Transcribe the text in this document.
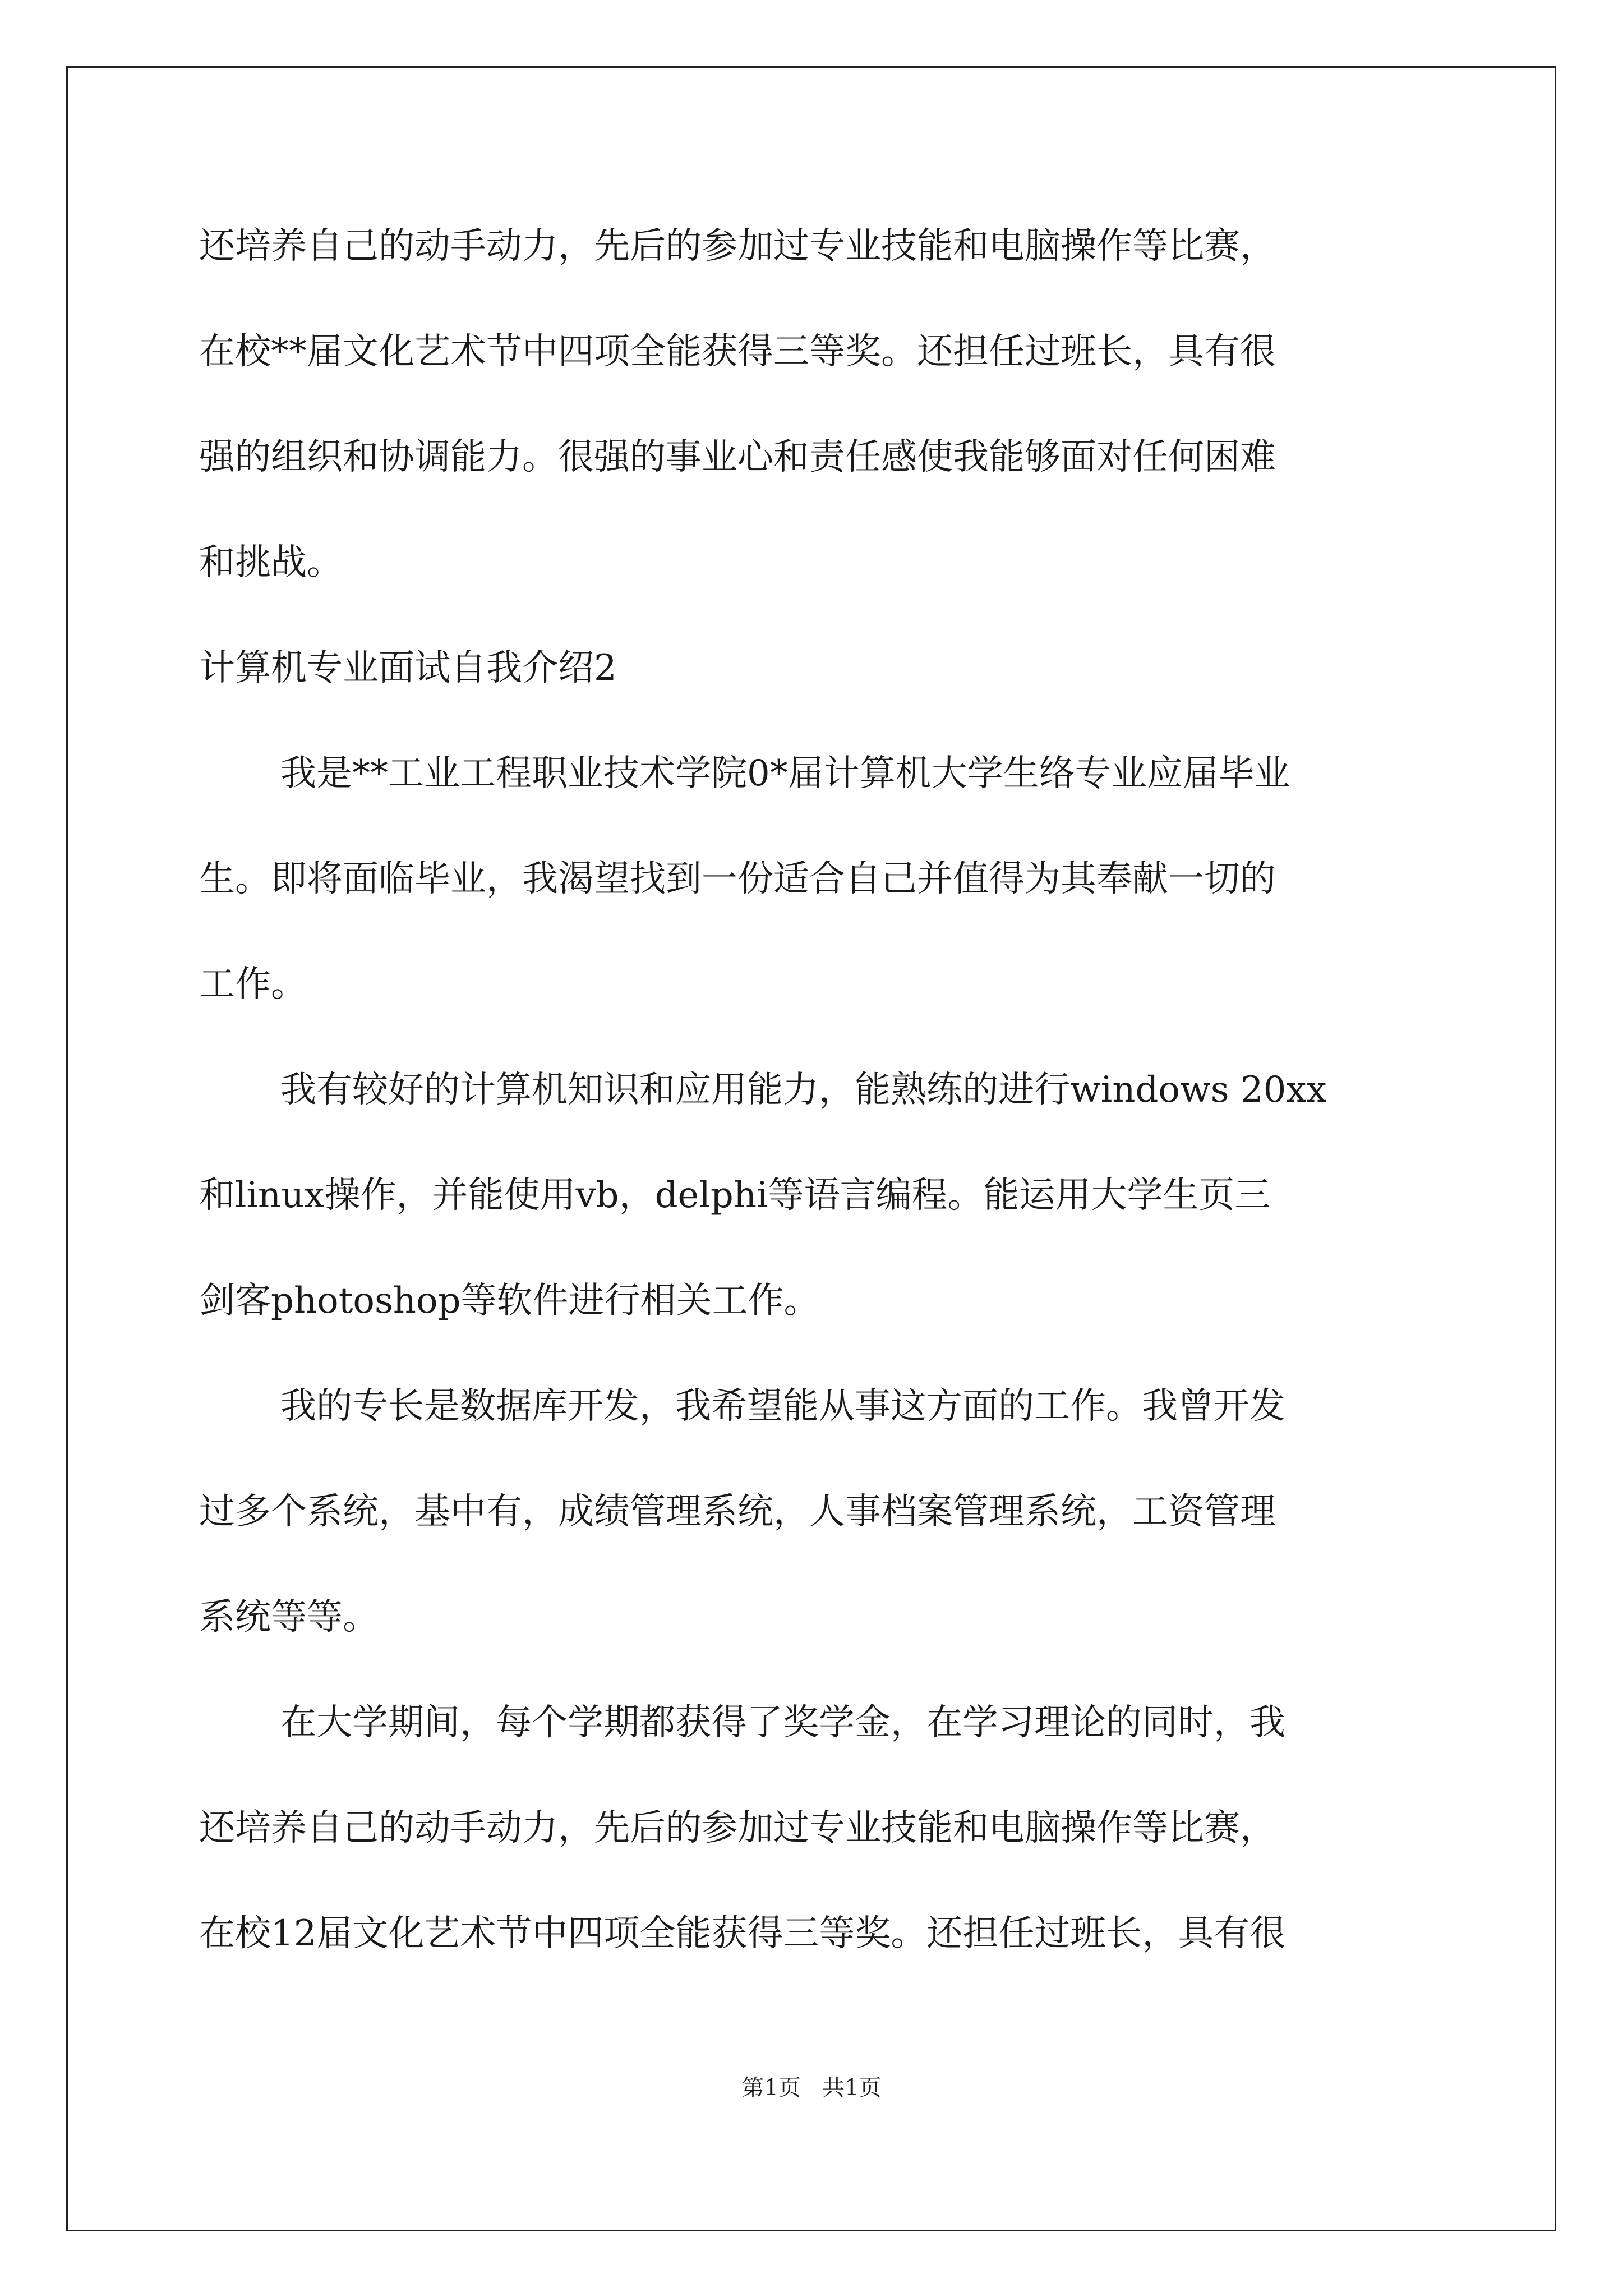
还培养自己的动手动力，先后的参加过专业技能和电脑操作等比赛，
在校**届文化艺术节中四项全能获得三等奖。还担任过班长，具有很
强的组织和协调能力。很强的事业心和责任感使我能够面对任何困难
和挑战。
计算机专业面试自我介绍2
我是**工业工程职业技术学院0*届计算机大学生络专业应届毕业
生。即将面临毕业，我渴望找到一份适合自己并值得为其奉献一切的
工作。
我有较好的计算机知识和应用能力，能熟练的进行windows 20xx
和linux操作，并能使用vb，delphi等语言编程。能运用大学生页三
剑客photoshop等软件进行相关工作。
我的专长是数据库开发，我希望能从事这方面的工作。我曾开发
过多个系统，基中有，成绩管理系统，人事档案管理系统，工资管理
系统等等。
在大学期间，每个学期都获得了奖学金，在学习理论的同时，我
还培养自己的动手动力，先后的参加过专业技能和电脑操作等比赛，
在校12届文化艺术节中四项全能获得三等奖。还担任过班长，具有很
第1页   共1页
